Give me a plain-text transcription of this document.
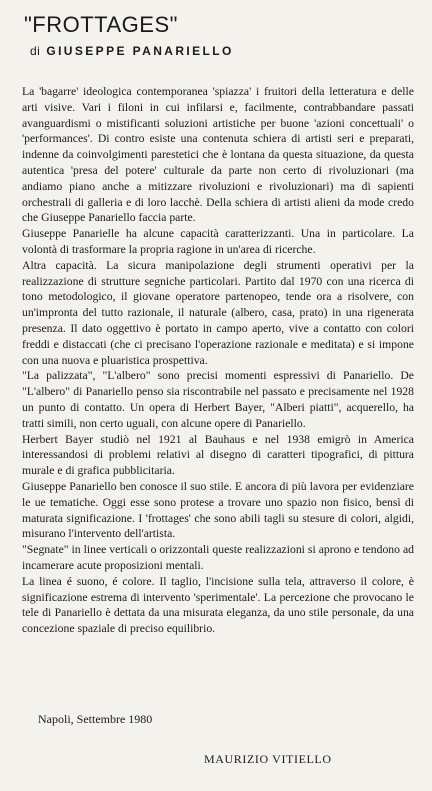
"FROTTAGES"
di GIUSEPPE PANARIELLO

La 'bagarre' ideologica contemporanea 'spiazza' i fruitori della letteratura e delle arti visive. Vari i filoni in cui infilarsi e, facilmente, contrabbandare passati avanguardismi o mistificanti soluzioni artistiche per buone 'azioni concettuali' o 'performances'. Di contro esiste una contenuta schiera di artisti seri e preparati, indenne da coinvolgimenti parestetici che è lontana da questa situazione, da questa autentica 'presa del potere' culturale da parte non certo di rivoluzionari (ma andiamo piano anche a mitizzare rivoluzioni e rivoluzionari) ma di sapienti orchestrali di galleria e di loro lacchè. Della schiera di artisti alieni da mode credo che Giuseppe Panariello faccia parte.

Giuseppe Panarielle ha alcune capacità caratterizzanti. Una in particolare. La volontà di trasformare la propria ragione in un'area di ricerche.

Altra capacità. La sicura manipolazione degli strumenti operativi per la realizzazione di strutture segniche particolari. Partito dal 1970 con una ricerca di tono metodologico, il giovane operatore partenopeo, tende ora a risolvere, con un'impronta del tutto razionale, il naturale (albero, casa, prato) in una rigenerata presenza. Il dato oggettivo è portato in campo aperto, vive a contatto con colori freddi e distaccati (che ci precisano l'operazione razionale e meditata) e si impone con una nuova e pluaristica prospettiva.

"La palizzata", "L'albero" sono precisi momenti espressivi di Panariello. De "L'albero" di Panariello penso sia riscontrabile nel passato e precisamente nel 1928 un punto di contatto. Un opera di Herbert Bayer, "Alberi piatti", acquerello, ha tratti simili, non certo uguali, con alcune opere di Panariello.

Herbert Bayer studiò nel 1921 al Bauhaus e nel 1938 emigrò in America interessandosi di problemi relativi al disegno di caratteri tipografici, di pittura murale e di grafica pubblicitaria.

Giuseppe Panariello ben conosce il suo stile. E ancora di più lavora per evidenziare le ue tematiche. Oggi esse sono protese a trovare uno spazio non fisico, bensì di maturata significazione. I 'frottages' che sono abili tagli su stesure di colori, algidi, misurano l'intervento dell'artista.

"Segnate" in linee verticali o orizzontali queste realizzazioni si aprono e tendono ad incamerare acute proposizioni mentali.

La linea é suono, é colore. Il taglio, l'incisione sulla tela, attraverso il colore, è significazione estrema di intervento 'sperimentale'. La percezione che provocano le tele di Panariello è dettata da una misurata eleganza, da uno stile personale, da una concezione spaziale di preciso equilibrio.

Napoli, Settembre 1980
MAURIZIO VITIELLO
